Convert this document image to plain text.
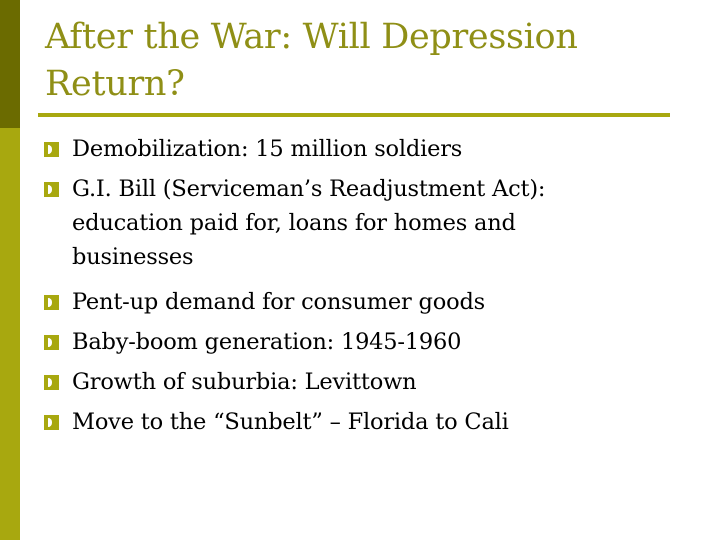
After the War: Will Depression Return?
Demobilization: 15 million soldiers
G.I. Bill (Serviceman’s Readjustment Act): education paid for, loans for homes and businesses
Pent-up demand for consumer goods
Baby-boom generation: 1945-1960
Growth of suburbia: Levittown
Move to the “Sunbelt” – Florida to Cali
